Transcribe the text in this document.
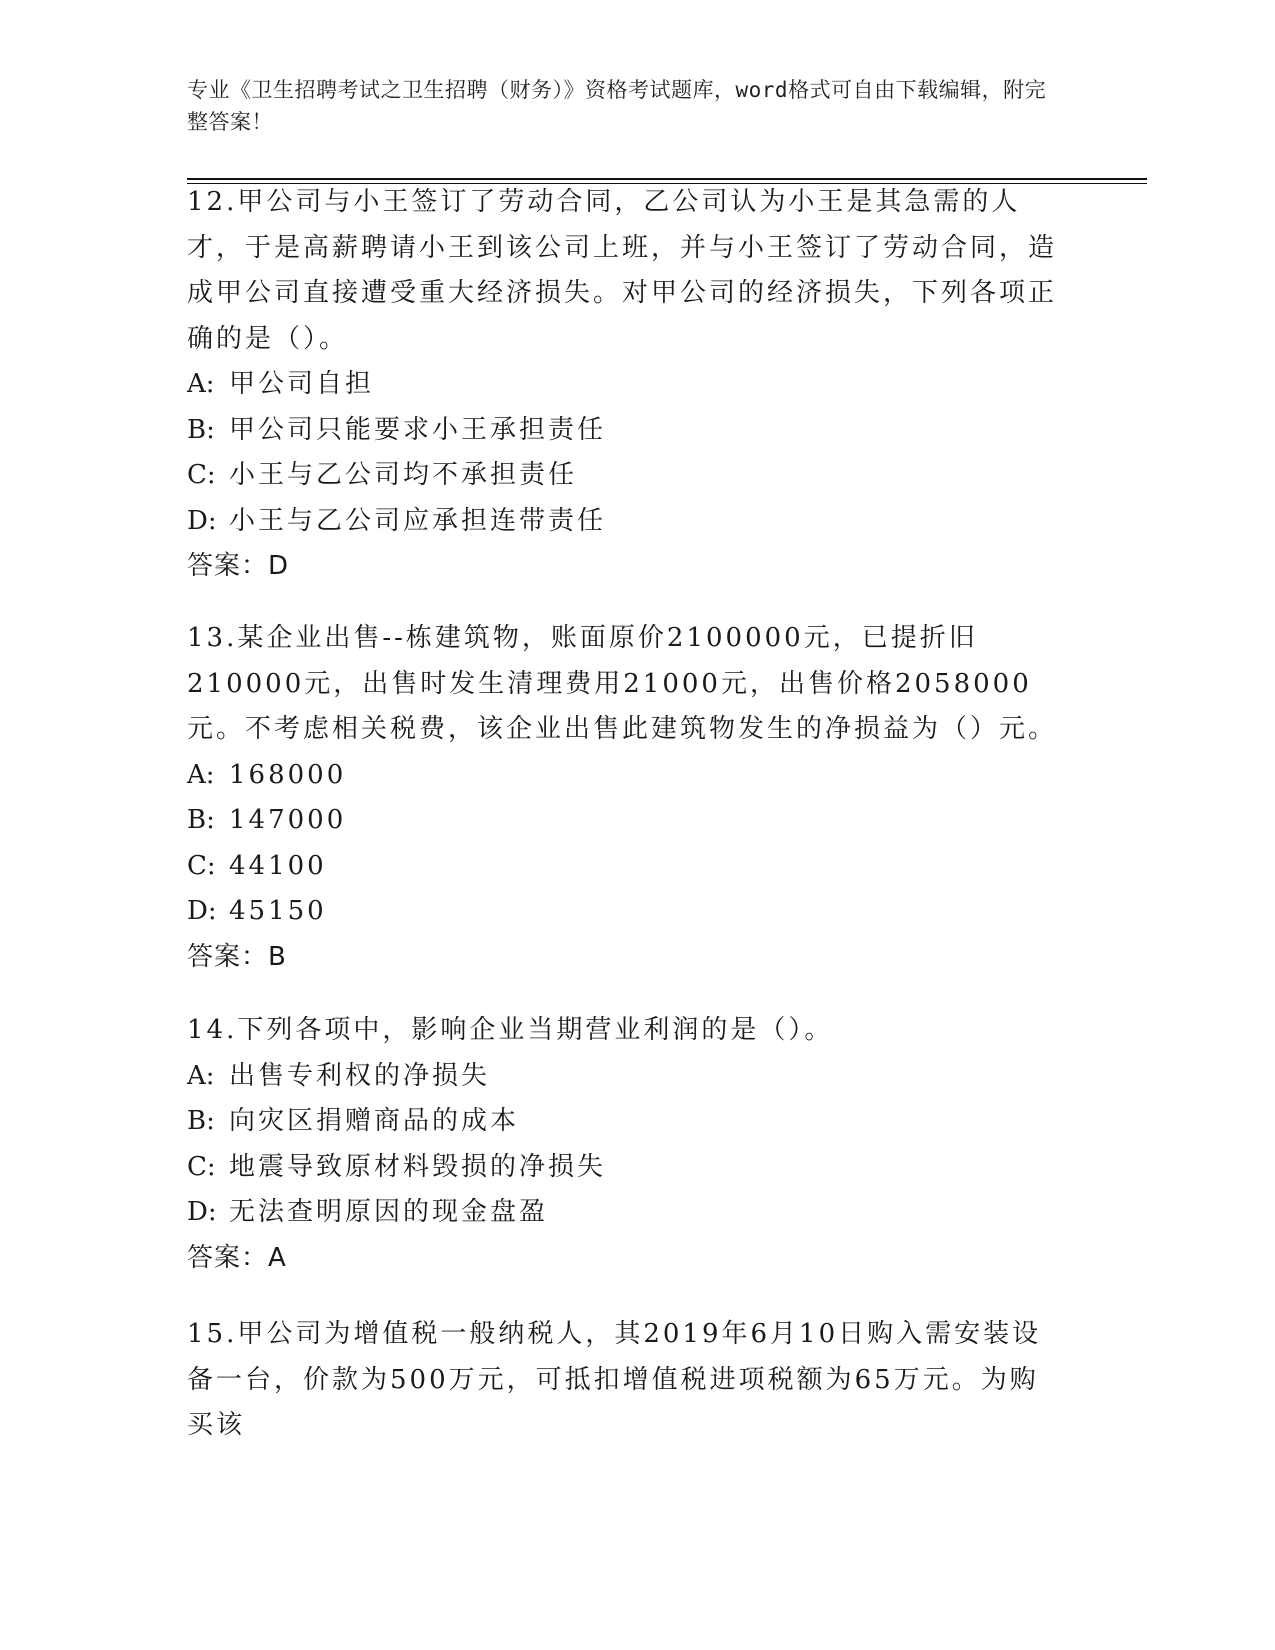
专业《卫生招聘考试之卫生招聘（财务）》资格考试题库，word格式可自由下载编辑，附完整答案！

12.甲公司与小王签订了劳动合同，乙公司认为小王是其急需的人才，于是高薪聘请小王到该公司上班，并与小王签订了劳动合同，造成甲公司直接遭受重大经济损失。对甲公司的经济损失，下列各项正确的是（）。

A: 甲公司自担

B: 甲公司只能要求小王承担责任

C: 小王与乙公司均不承担责任

D: 小王与乙公司应承担连带责任

答案：D

13.某企业出售--栋建筑物，账面原价2100000元，已提折旧210000元，出售时发生清理费用21000元，出售价格2058000元。不考虑相关税费，该企业出售此建筑物发生的净损益为（）元。

A: 168000

B: 147000

C: 44100

D: 45150

答案：B

14.下列各项中，影响企业当期营业利润的是（）。

A: 出售专利权的净损失

B: 向灾区捐赠商品的成本

C: 地震导致原材料毁损的净损失

D: 无法查明原因的现金盘盈

答案：A

15.甲公司为增值税一般纳税人，其2019年6月10日购入需安装设备一台，价款为500万元，可抵扣增值税进项税额为65万元。为购买该
